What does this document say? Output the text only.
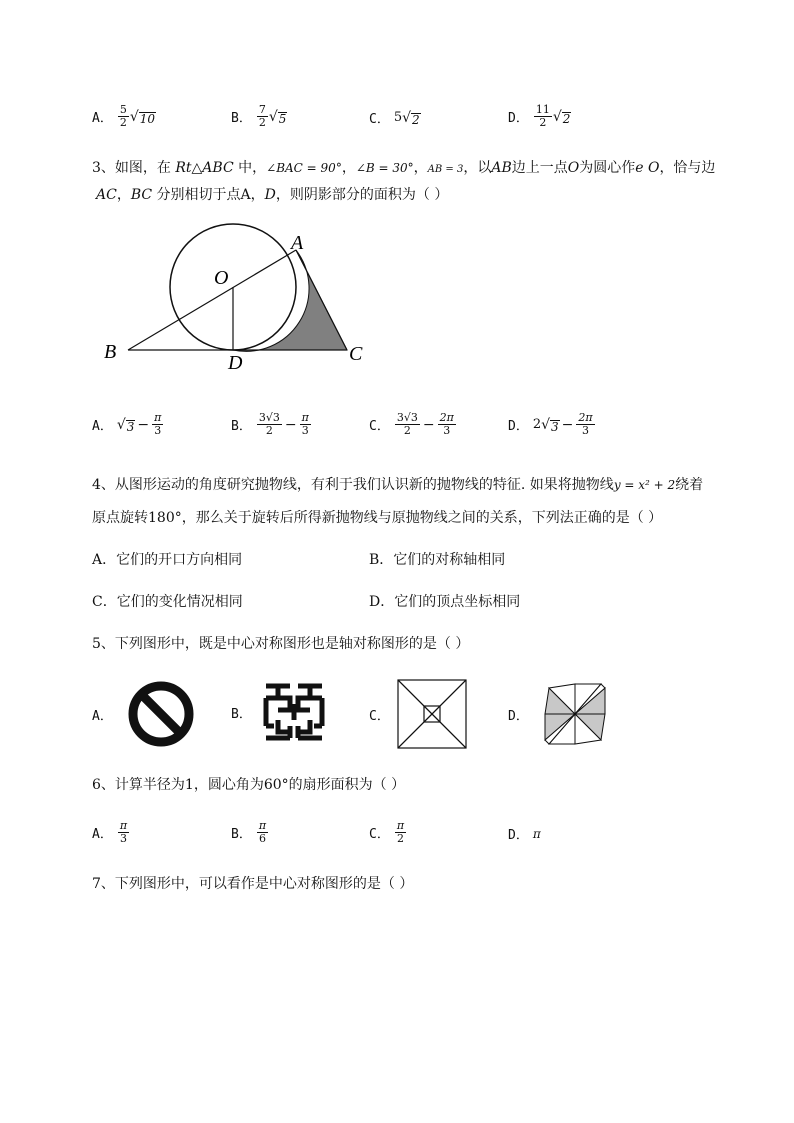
A． $\frac{5}{2}$ √ 10	B． $\frac{7}{2}$ √ 5	C． 5 √ 2	D． $\frac{11}{2}$ √ 2
3、如图，在 Rt△ABC 中，∠BAC = 90°，∠B = 30°，AB = 3，以AB边上一点O为圆心作e O，恰与边
AC，BC 分别相切于点A，D，则阴影部分的面积为（ ）
A
O
B	D	C
A． √ $3 - \frac{\pi}{3}$	B． $\frac{3√3}{2} - \frac{\pi}{3}$	C． $\frac{3√3}{2} - \frac{2\pi}{3}$	D． 2 √ $3 - \frac{2\pi}{3}$
4、从图形运动的角度研究抛物线，有利于我们认识新的抛物线的特征. 如果将抛物线y = x² + 2绕着
原点旋转180°，那么关于旋转后所得新抛物线与原抛物线之间的关系，下列法正确的是（ ）
A．它们的开口方向相同	B．它们的对称轴相同
C．它们的变化情况相同	D．它们的顶点坐标相同
5、下列图形中，既是中心对称图形也是轴对称图形的是（ ）
A．	B．	C．	D．
6、计算半径为1，圆心角为60°的扇形面积为（ ）
A． $\frac{\pi}{3}$	B． $\frac{\pi}{6}$	C． $\frac{\pi}{2}$	D． π
7、下列图形中，可以看作是中心对称图形的是（ ）
